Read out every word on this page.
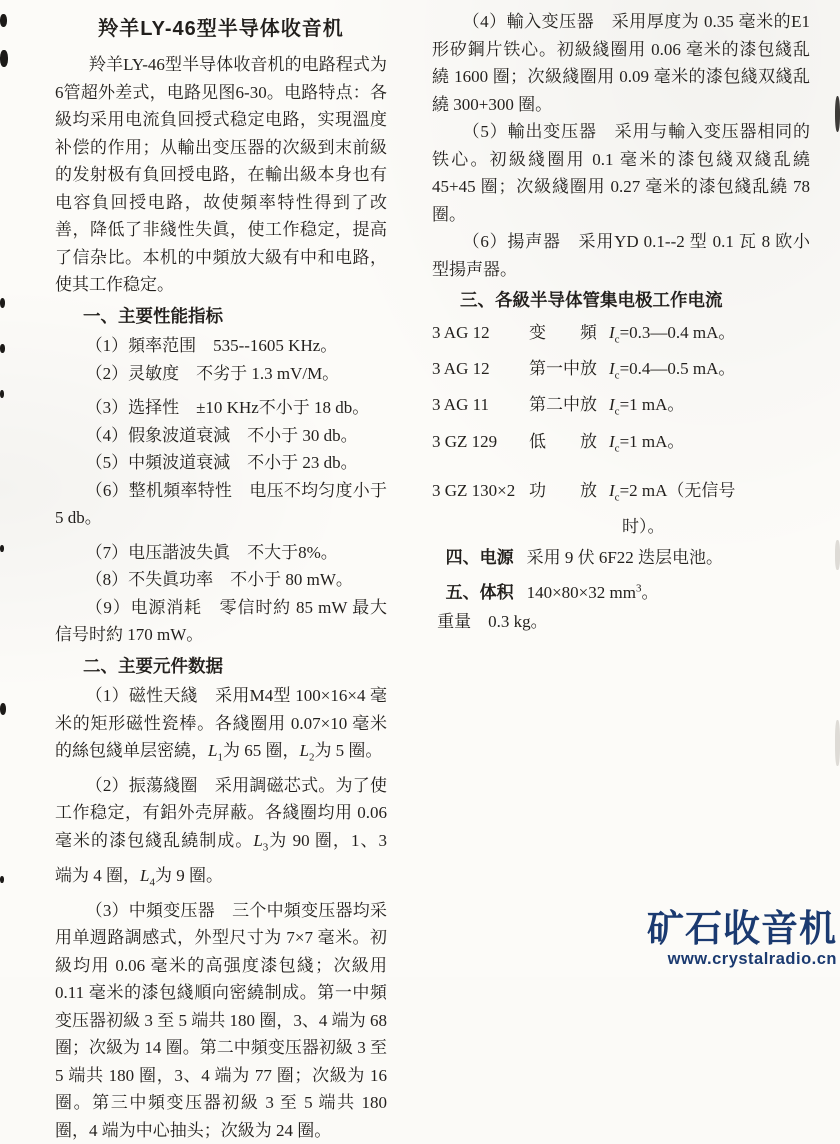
羚羊LY-46型半导体收音机

羚羊LY-46型半导体收音机的电路程式为6管超外差式，电路见图6-30。电路特点：各級均采用电流負回授式稳定电路，实現溫度补偿的作用；从輸出变压器的次級到末前級的发射极有負回授电路，在輸出級本身也有电容負回授电路，故使頻率特性得到了改善，降低了非綫性失眞，使工作稳定，提高了信杂比。本机的中頻放大級有中和电路，使其工作稳定。

一、主要性能指标

（1）頻率范围　535--1605 KHz。

（2）灵敏度　不劣于 1.3 mV/M。

（3）选择性　±10 KHz不小于 18 db。

（4）假象波道衰減　不小于 30 db。

（5）中頻波道衰減　不小于 23 db。

（6）整机頻率特性　电压不均匀度小于5 db。

（7）电压諧波失眞　不大于8%。

（8）不失眞功率　不小于 80 mW。

（9）电源消耗　零信时約 85 mW 最大信号时約 170 mW。

二、主要元件数据

（1）磁性天綫　采用M4型 100×16×4 毫米的矩形磁性瓷棒。各綫圈用 0.07×10 毫米的絲包綫单层密繞，$L_1$为 65 圈，$L_2$为 5 圈。

（2）振蕩綫圈　采用調磁芯式。为了使工作稳定，有鋁外壳屏蔽。各綫圈均用 0.06 毫米的漆包綫乱繞制成。$L_3$为 90 圈，1、3 端为 4 圈，$L_4$为 9 圈。

（3）中頻变压器　三个中頻变压器均采用单週路調感式，外型尺寸为 7×7 毫米。初級均用 0.06 毫米的高强度漆包綫；次級用 0.11 毫米的漆包綫順向密繞制成。第一中頻变压器初級 3 至 5 端共 180 圈，3、4 端为 68 圈；次級为 14 圈。第二中頻变压器初級 3 至 5 端共 180 圈，3、4 端为 77 圈；次級为 16 圈。第三中頻变压器初級 3 至 5 端共 180 圈，4 端为中心抽头；次級为 24 圈。

（4）輸入变压器　采用厚度为 0.35 毫米的E1形矽鋼片铁心。初級綫圈用 0.06 毫米的漆包綫乱繞 1600 圈；次級綫圈用 0.09 毫米的漆包綫双綫乱繞 300+300 圈。

（5）輸出变压器　采用与輸入变压器相同的铁心。初級綫圈用 0.1 毫米的漆包綫双綫乱繞 45+45 圈；次級綫圈用 0.27 毫米的漆包綫乱繞 78 圈。

（6）揚声器　采用YD 0.1--2 型 0.1 瓦 8 欧小型揚声器。

三、各級半导体管集电极工作电流
3 AG 12	变　　頻 $I_c=0.3—0.4$ mA。
3 AG 12	第一中放 $I_c=0.4—0.5$ mA。
3 AG 11	第二中放 $I_c=1$ mA。
3 GZ 129	低　　放 $I_c=1$ mA。
3 GZ 130×2 功　　放 $I_c=2$ mA（无信号
时）。

四、电源 采用 9 伏 6F22 迭层电池。

五、体积 140×80×32 $mm^3$。

重量　0.3 kg。

矿石收音机
www.crystalradio.cn
